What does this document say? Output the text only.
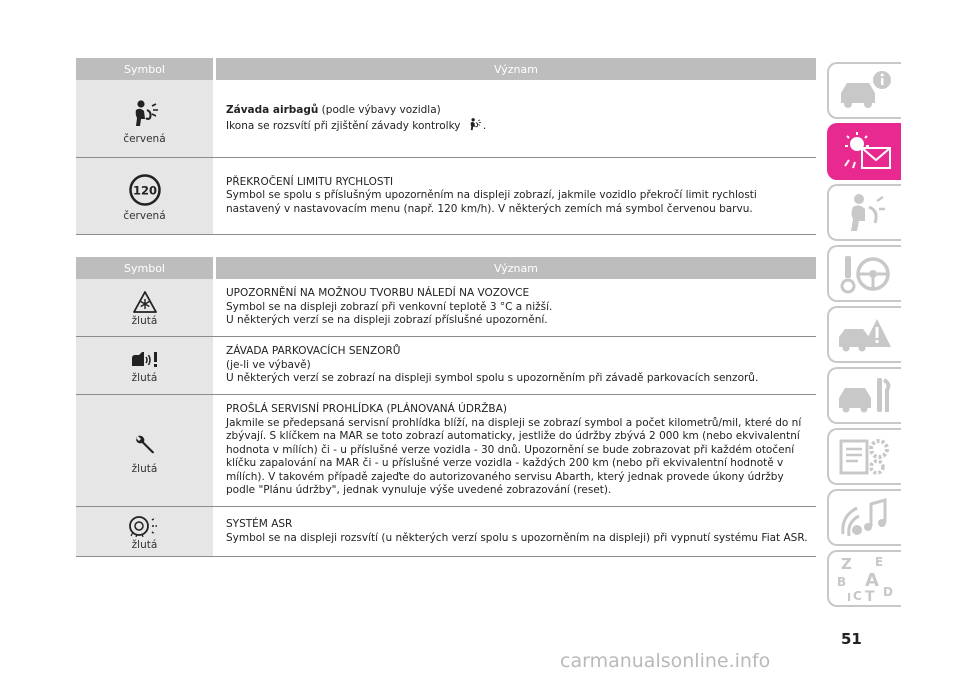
Symbol	Význam
červená
Závada airbagů (podle výbavy vozidla)
Ikona se rozsvítí při zjištění závady kontrolky .
120
červená
PŘEKROČENÍ LIMITU RYCHLOSTI
Symbol se spolu s příslušným upozorněním na displeji zobrazí, jakmile vozidlo překročí limit rychlosti nastavený v nastavovacím menu (např. 120 km/h). V některých zemích má symbol červenou barvu.
Symbol	Význam
žlutá
UPOZORNĚNÍ NA MOŽNOU TVORBU NÁLEDÍ NA VOZOVCE
Symbol se na displeji zobrazí při venkovní teplotě 3 °C a nižší.
U některých verzí se na displeji zobrazí příslušné upozornění.
žlutá
ZÁVADA PARKOVACÍCH SENZORŮ
(je-li ve výbavě)
U některých verzí se zobrazí na displeji symbol spolu s upozorněním při závadě parkovacích senzorů.
žlutá
PROŠLÁ SERVISNÍ PROHLÍDKA (PLÁNOVANÁ ÚDRŽBA)
Jakmile se předepsaná servisní prohlídka blíží, na displeji se zobrazí symbol a počet kilometrů/mil, které do ní zbývají. S klíčkem na MAR se toto zobrazí automaticky, jestliže do údržby zbývá 2 000 km (nebo ekvivalentní hodnota v mílích) či - u příslušné verze vozidla - 30 dnů. Upozornění se bude zobrazovat při každém otočení klíčku zapalování na MAR či - u příslušné verze vozidla - každých 200 km (nebo při ekvivalentní hodnotě v mílích). V takovém případě zajeďte do autorizovaného servisu Abarth, který jednak provede úkony údržby podle "Plánu údržby", jednak vynuluje výše uvedené zobrazování (reset).
žlutá
SYSTÉM ASR
Symbol se na displeji rozsvítí (u některých verzí spolu s upozorněním na displeji) při vypnutí systému Fiat ASR.
Z E
B A
C T D
I
51
carmanualsonline.info
